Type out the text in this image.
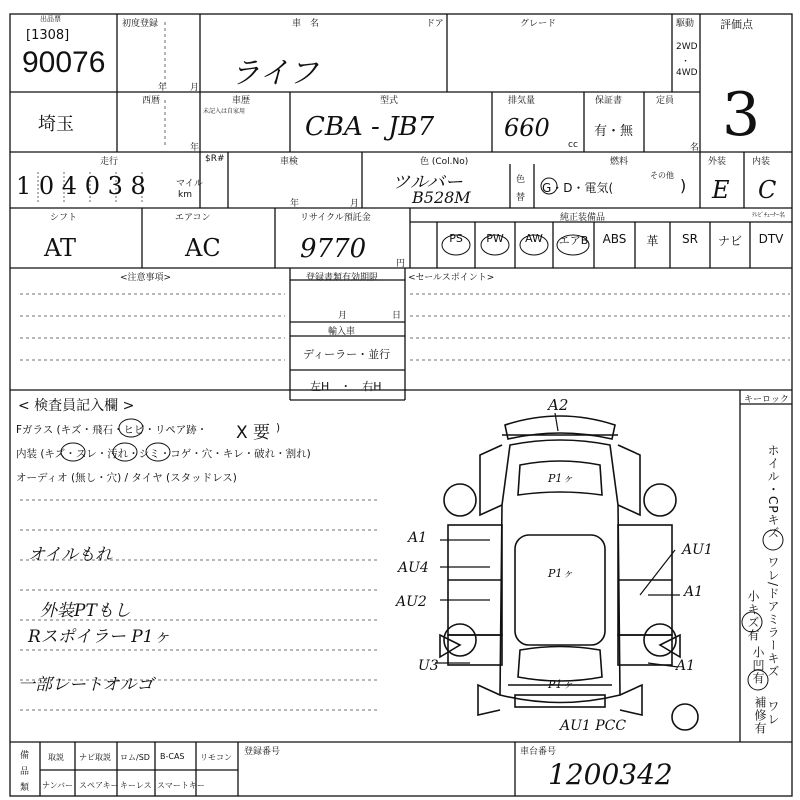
出品票
[1308]
90076
初度登録
年	月
車　名
ライフ
ドア	グレード	駆動
2WD
・
4WD
評価点
3
埼玉
西暦
年
車歴
未記入は自家用
型式
CBA - JB7
排気量
660
cc
保証書
有・無
定員
名
走行	$R#
1 0 4 0 3 8	マイル
km
車検
年	月
色 (Col.No)
ツルバー
B528M
色
替
燃料
G・D・電気(
その他
)
外装
E
内装
C
シフト
AT
エアコン
AC
リサイクル預託金
9770	円
純正装備品	ﾃﾚﾋﾞﾁｭｰﾅｰ名
PS	PW	AW	エアB	ABS	革	SR	ナビ	DTV
<注意事項>	登録書類有効期限
月	日
輸入車
ディーラー・並行
左H　・　右H
<セールスポイント>
< 検査員記入欄 >
Fガラス (キズ・飛石・ヒビ・リペア跡・ X 要 )
内装 (キズ・スレ・汚れ・シミ・コゲ・穴・キレ・破れ・割れ)
オーディオ (無し・穴) / タイヤ (スタッドレス)
オイルもれ
外装PTもし
Rスポイラー P1ヶ
一部レートオルゴ
キーロック
ホイル・CPキズ
ワレ/ドアミラーキズ
小キズ有
ワレ
小凹有
補修有
A2
P1ヶ
A1
AU4
AU2
P1ヶ
AU1
A1
U3
P1ヶ
A1
AU1 PCC
備
品
類
取説 ナビ取説 ロム/SD B-CAS リモコン
ナンバー スペアキー キーレス スマートキー
登録番号	車台番号
1200342
